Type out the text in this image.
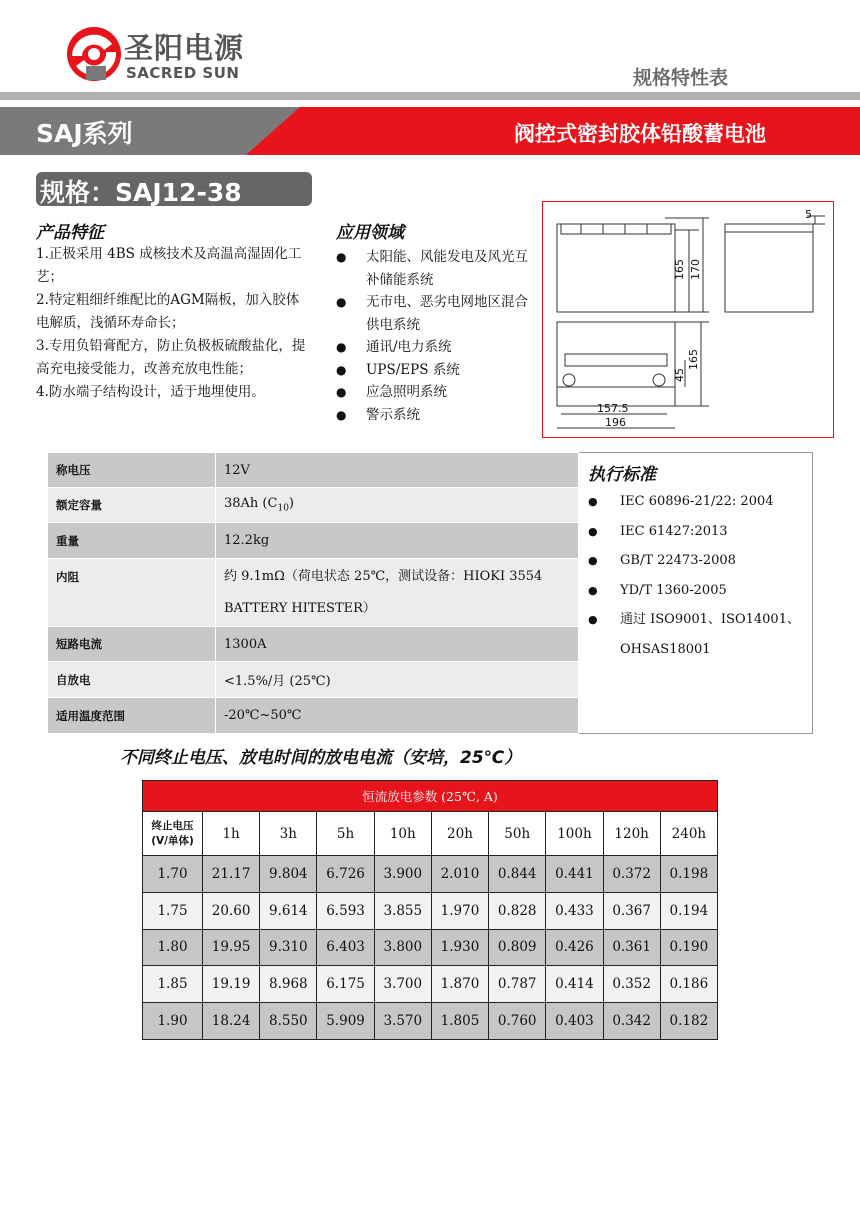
圣阳电源
SACRED SUN	规格特性表
SAJ系列	阀控式密封胶体铅酸蓄电池
规格：SAJ12-38
产品特征
1.正极采用 4BS 成核技术及高温高湿固化工艺；
2.特定粗细纤维配比的AGM隔板，加入胶体电解质，浅循环寿命长；
3.专用负铅膏配方，防止负极板硫酸盐化，提高充电接受能力，改善充放电性能；
4.防水端子结构设计，适于地埋使用。
应用领域
● 太阳能、风能发电及风光互补储能系统
● 无市电、恶劣电网地区混合供电系统
● 通讯/电力系统
● UPS/EPS 系统
● 应急照明系统
● 警示系统
5
165 170
165
45
157.5
196
称电压	12V
额定容量	38Ah $(C_{10})$
重量	12.2kg
内阻	约 9.1mΩ（荷电状态 25℃，测试设备：HIOKI 3554 BATTERY HITESTER）
短路电流	1300A
自放电	<1.5%/月 (25℃)
适用温度范围	-20℃~50℃
执行标准
● IEC 60896-21/22: 2004
● IEC 61427:2013
● GB/T 22473-2008
● YD/T 1360-2005
● 通过 ISO9001、ISO14001、OHSAS18001
不同终止电压、放电时间的放电电流（安培，25℃）
恒流放电参数 (25℃, A)									

终止电压
(V/单体)	1h	3h	5h	10h	20h	50h	100h	120h	240h
1.70	21.17	9.804	6.726	3.900	2.010	0.844	0.441	0.372	0.198
1.75	20.60	9.614	6.593	3.855	1.970	0.828	0.433	0.367	0.194
1.80	19.95	9.310	6.403	3.800	1.930	0.809	0.426	0.361	0.190
1.85	19.19	8.968	6.175	3.700	1.870	0.787	0.414	0.352	0.186
1.90	18.24	8.550	5.909	3.570	1.805	0.760	0.403	0.342	0.182
